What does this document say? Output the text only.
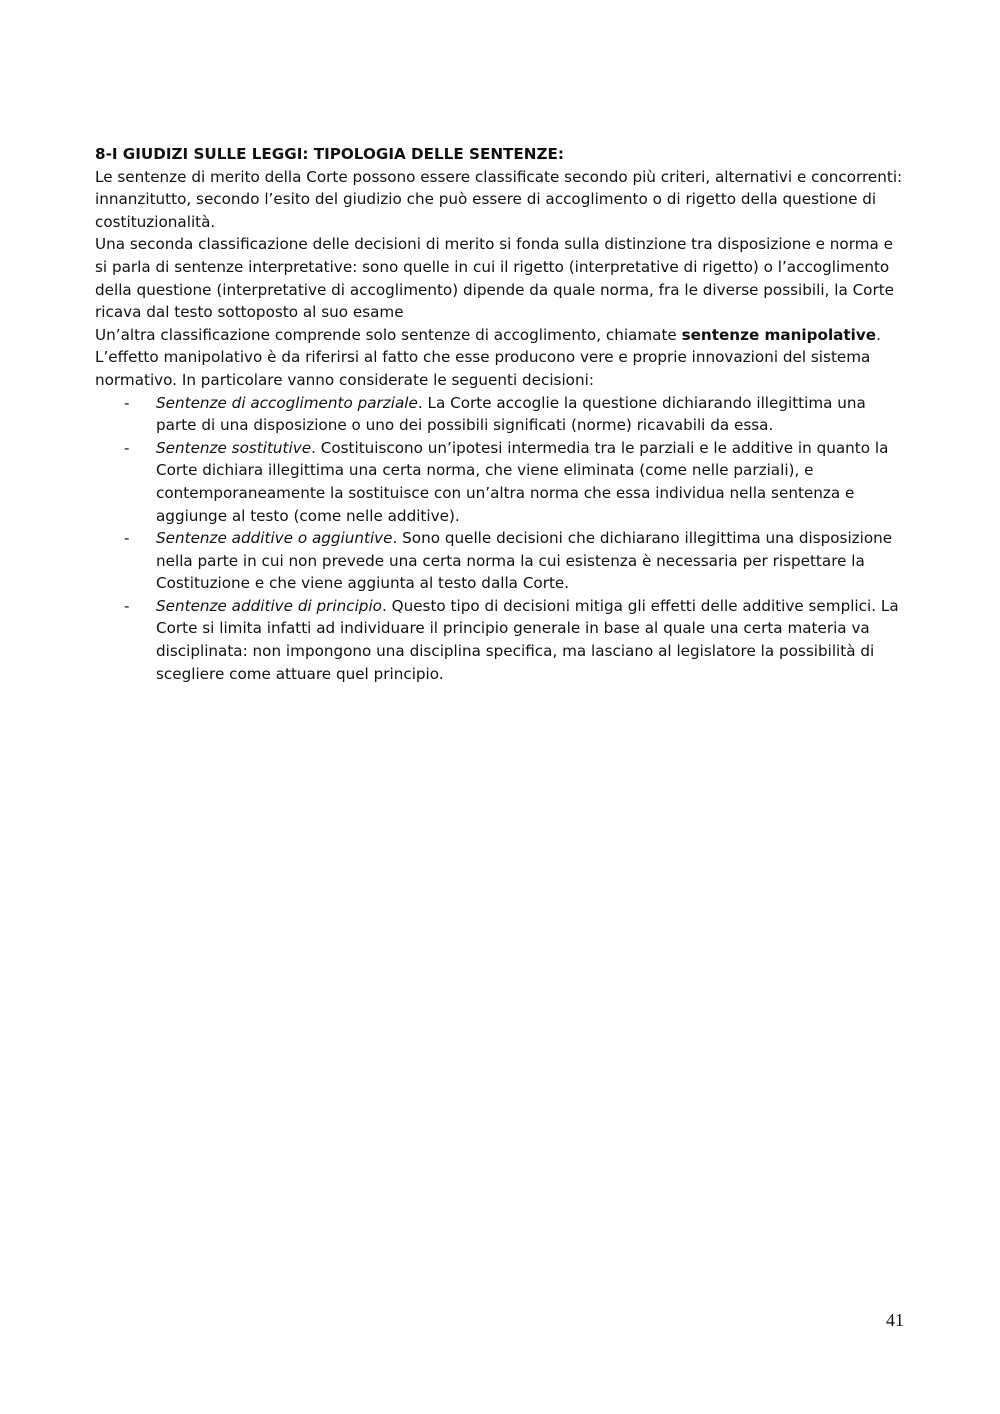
8-I GIUDIZI SULLE LEGGI: TIPOLOGIA DELLE SENTENZE:

Le sentenze di merito della Corte possono essere classificate secondo più criteri, alternativi e concorrenti: innanzitutto, secondo l’esito del giudizio che può essere di accoglimento o di rigetto della questione di costituzionalità.

Una seconda classificazione delle decisioni di merito si fonda sulla distinzione tra disposizione e norma e si parla di sentenze interpretative: sono quelle in cui il rigetto (interpretative di rigetto) o l’accoglimento della questione (interpretative di accoglimento) dipende da quale norma, fra le diverse possibili, la Corte ricava dal testo sottoposto al suo esame

Un’altra classificazione comprende solo sentenze di accoglimento, chiamate sentenze manipolative.

L’effetto manipolativo è da riferirsi al fatto che esse producono vere e proprie innovazioni del sistema normativo. In particolare vanno considerate le seguenti decisioni:

- Sentenze di accoglimento parziale. La Corte accoglie la questione dichiarando illegittima una parte di una disposizione o uno dei possibili significati (norme) ricavabili da essa.
- Sentenze sostitutive. Costituiscono un’ipotesi intermedia tra le parziali e le additive in quanto la Corte dichiara illegittima una certa norma, che viene eliminata (come nelle parziali), e contemporaneamente la sostituisce con un’altra norma che essa individua nella sentenza e aggiunge al testo (come nelle additive).
- Sentenze additive o aggiuntive. Sono quelle decisioni che dichiarano illegittima una disposizione nella parte in cui non prevede una certa norma la cui esistenza è necessaria per rispettare la Costituzione e che viene aggiunta al testo dalla Corte.
- Sentenze additive di principio. Questo tipo di decisioni mitiga gli effetti delle additive semplici. La Corte si limita infatti ad individuare il principio generale in base al quale una certa materia va disciplinata: non impongono una disciplina specifica, ma lasciano al legislatore la possibilità di scegliere come attuare quel principio.
41
